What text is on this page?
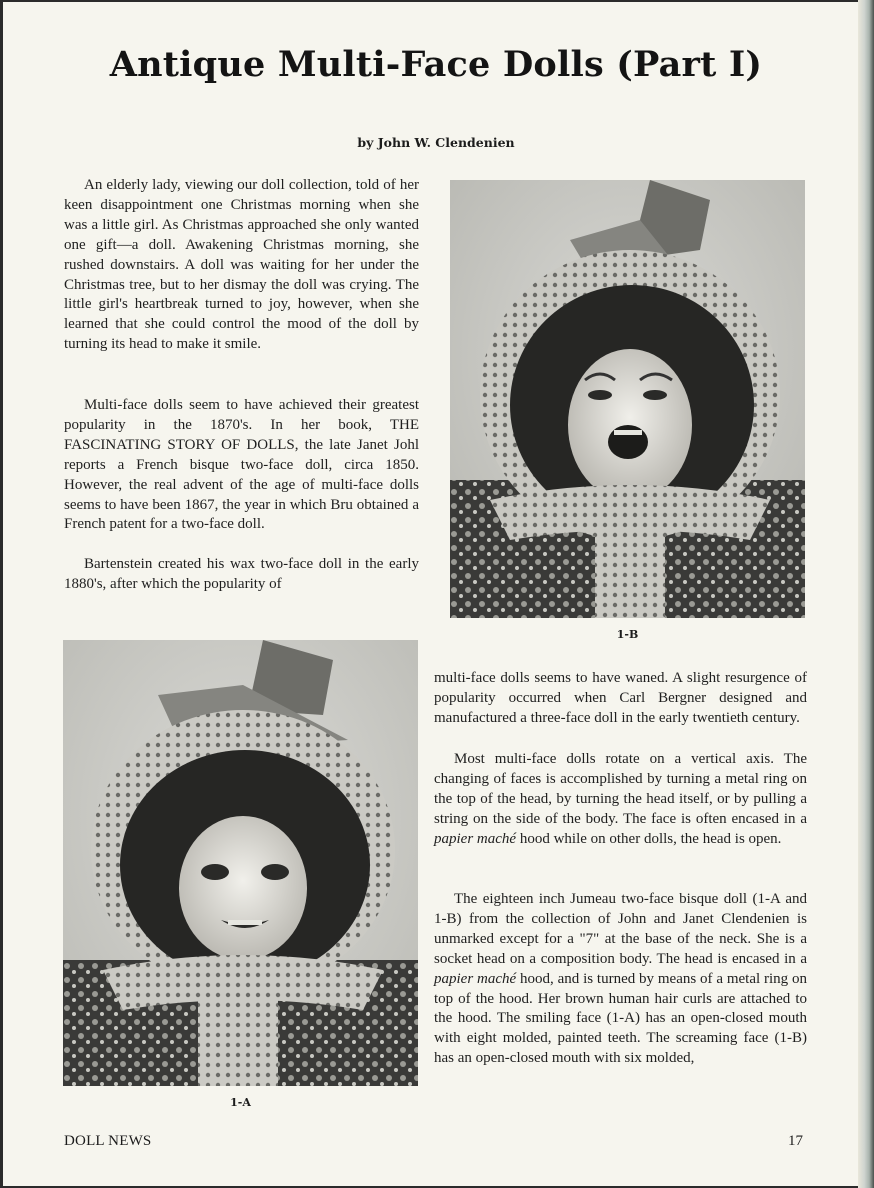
Antique Multi-Face Dolls (Part I)
by John W. Clendenien

An elderly lady, viewing our doll collection, told of her keen disappointment one Christmas morning when she was a little girl. As Christmas approached she only wanted one gift—a doll. Awakening Christmas morning, she rushed downstairs. A doll was waiting for her under the Christmas tree, but to her dismay the doll was crying. The little girl's heartbreak turned to joy, however, when she learned that she could control the mood of the doll by turning its head to make it smile.

Multi-face dolls seem to have achieved their greatest popularity in the 1870's. In her book, THE FASCINATING STORY OF DOLLS, the late Janet Johl reports a French bisque two-face doll, circa 1850. However, the real advent of the age of multi-face dolls seems to have been 1867, the year in which Bru obtained a French patent for a two-face doll.

Bartenstein created his wax two-face doll in the early 1880's, after which the popularity of

multi-face dolls seems to have waned. A slight resurgence of popularity occurred when Carl Bergner designed and manufactured a three-face doll in the early twentieth century.

Most multi-face dolls rotate on a vertical axis. The changing of faces is accomplished by turning a metal ring on the top of the head, by turning the head itself, or by pulling a string on the side of the body. The face is often encased in a papier maché hood while on other dolls, the head is open.

The eighteen inch Jumeau two-face bisque doll (1-A and 1-B) from the collection of John and Janet Clendenien is unmarked except for a "7" at the base of the neck. She is a socket head on a composition body. The head is encased in a papier maché hood, and is turned by means of a metal ring on top of the hood. Her brown human hair curls are attached to the hood. The smiling face (1-A) has an open-closed mouth with eight molded, painted teeth. The screaming face (1-B) has an open-closed mouth with six molded,

1-B
1-A
DOLL NEWS	17
